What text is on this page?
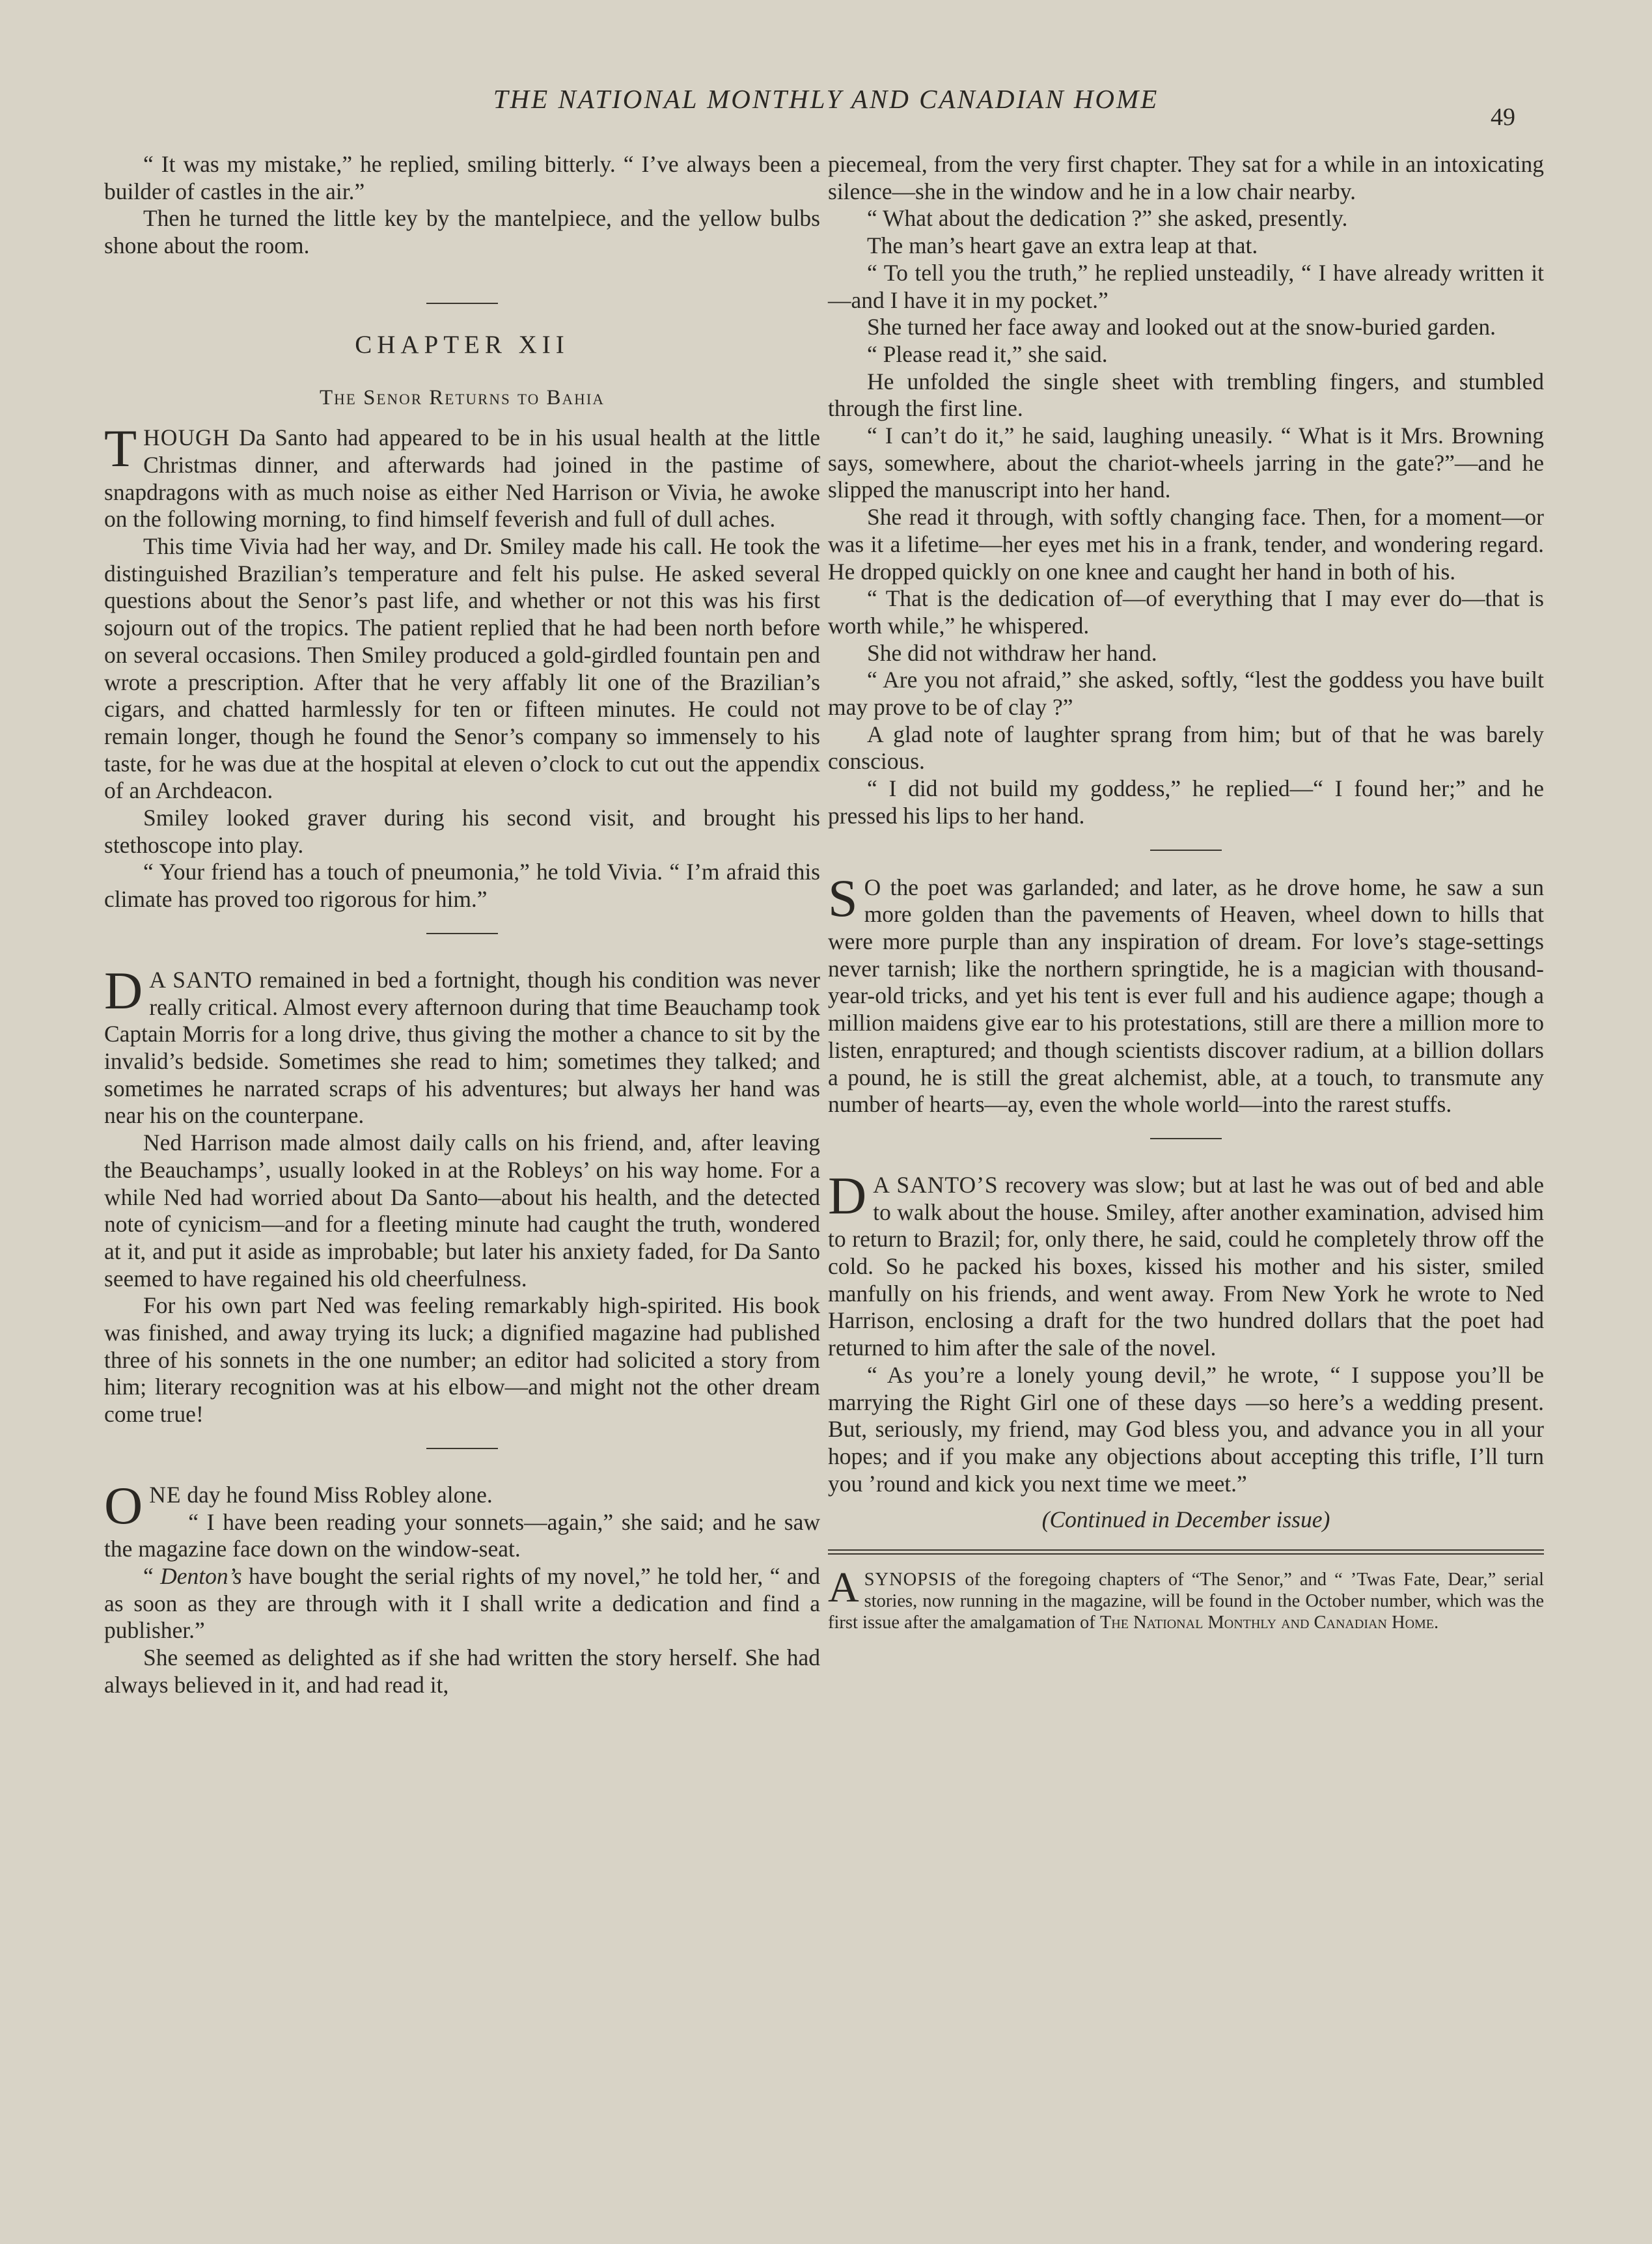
THE NATIONAL MONTHLY AND CANADIAN HOME
49

“ It was my mistake,” he replied, smiling bitterly. “ I’ve always been a builder of castles in the air.”

Then he turned the little key by the mantelpiece, and the yellow bulbs shone about the room.

CHAPTER XII
The Senor Returns to Bahia

THOUGH Da Santo had appeared to be in his usual health at the little Christmas dinner, and afterwards had joined in the pastime of snapdragons with as much noise as either Ned Harrison or Vivia, he awoke on the following morning, to find himself feverish and full of dull aches.

This time Vivia had her way, and Dr. Smiley made his call. He took the distinguished Brazilian’s temperature and felt his pulse. He asked several questions about the Senor’s past life, and whether or not this was his first sojourn out of the tropics. The patient replied that he had been north before on several occasions. Then Smiley produced a gold-girdled fountain pen and wrote a prescription. After that he very affably lit one of the Brazilian’s cigars, and chatted harmlessly for ten or fifteen minutes. He could not remain longer, though he found the Senor’s company so immensely to his taste, for he was due at the hospital at eleven o’clock to cut out the appendix of an Archdeacon.

Smiley looked graver during his second visit, and brought his stethoscope into play.

“ Your friend has a touch of pneumonia,” he told Vivia. “ I’m afraid this climate has proved too rigorous for him.”

D A SANTO remained in bed a fortnight, though his condition was never really critical. Almost every afternoon during that time Beauchamp took Captain Morris for a long drive, thus giving the mother a chance to sit by the invalid’s bedside. Sometimes she read to him; sometimes they talked; and sometimes he narrated scraps of his adventures; but always her hand was near his on the counterpane.

Ned Harrison made almost daily calls on his friend, and, after leaving the Beauchamps’, usually looked in at the Robleys’ on his way home. For a while Ned had worried about Da Santo—about his health, and the detected note of cynicism—and for a fleeting minute had caught the truth, wondered at it, and put it aside as improbable; but later his anxiety faded, for Da Santo seemed to have regained his old cheerfulness.

For his own part Ned was feeling remarkably high-spirited. His book was finished, and away trying its luck; a dignified magazine had published three of his sonnets in the one number; an editor had solicited a story from him; literary recognition was at his elbow—and might not the other dream come true!

ONE day he found Miss Robley alone.

“ I have been reading your sonnets—again,” she said; and he saw the magazine face down on the window-seat.

“ Denton’s have bought the serial rights of my novel,” he told her, “ and as soon as they are through with it I shall write a dedication and find a publisher.”

She seemed as delighted as if she had written the story herself. She had always believed in it, and had read it,

piecemeal, from the very first chapter. They sat for a while in an intoxicating silence—she in the window and he in a low chair nearby.

“ What about the dedication ?” she asked, presently.

The man’s heart gave an extra leap at that.

“ To tell you the truth,” he replied unsteadily, “ I have already written it—and I have it in my pocket.”

She turned her face away and looked out at the snow-buried garden.

“ Please read it,” she said.

He unfolded the single sheet with trembling fingers, and stumbled through the first line.

“ I can’t do it,” he said, laughing uneasily. “ What is it Mrs. Browning says, somewhere, about the chariot-wheels jarring in the gate?”—and he slipped the manuscript into her hand.

She read it through, with softly changing face. Then, for a moment—or was it a lifetime—her eyes met his in a frank, tender, and wondering regard. He dropped quickly on one knee and caught her hand in both of his.

“ That is the dedication of—of everything that I may ever do—that is worth while,” he whispered.

She did not withdraw her hand.

“ Are you not afraid,” she asked, softly, “lest the goddess you have built may prove to be of clay ?”

A glad note of laughter sprang from him; but of that he was barely conscious.

“ I did not build my goddess,” he replied—“ I found her;” and he pressed his lips to her hand.

S O the poet was garlanded; and later, as he drove home, he saw a sun more golden than the pavements of Heaven, wheel down to hills that were more purple than any inspiration of dream. For love’s stage-settings never tarnish; like the northern springtide, he is a magician with thousand-year-old tricks, and yet his tent is ever full and his audience agape; though a million maidens give ear to his protestations, still are there a million more to listen, enraptured; and though scientists discover radium, at a billion dollars a pound, he is still the great alchemist, able, at a touch, to transmute any number of hearts—ay, even the whole world—into the rarest stuffs.

D A SANTO’S recovery was slow; but at last he was out of bed and able to walk about the house. Smiley, after another examination, advised him to return to Brazil; for, only there, he said, could he completely throw off the cold. So he packed his boxes, kissed his mother and his sister, smiled manfully on his friends, and went away. From New York he wrote to Ned Harrison, enclosing a draft for the two hundred dollars that the poet had returned to him after the sale of the novel.

“ As you’re a lonely young devil,” he wrote, “ I suppose you’ll be marrying the Right Girl one of these days —so here’s a wedding present. But, seriously, my friend, may God bless you, and advance you in all your hopes; and if you make any objections about accepting this trifle, I’ll turn you ’round and kick you next time we meet.”

(Continued in December issue)

ASYNOPSIS of the foregoing chapters of “The Senor,” and “ ’Twas Fate, Dear,” serial stories, now running in the magazine, will be found in the October number, which was the first issue after the amalgamation of The National Monthly and Canadian Home.
